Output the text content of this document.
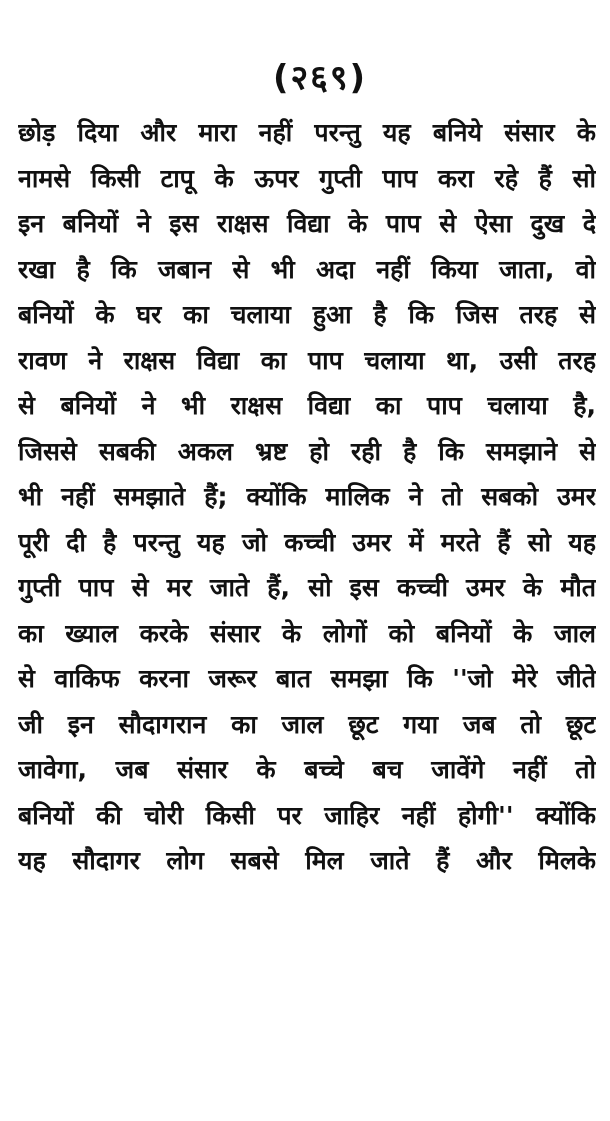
(२६९)
छोड़ दिया और मारा नहीं परन्तु यह बनिये संसार के
नामसे किसी टापू के ऊपर गुप्ती पाप करा रहे हैं सो
इन बनियों ने इस राक्षस विद्या के पाप से ऐसा दुख दे
रखा है कि जबान से भी अदा नहीं किया जाता, वो
बनियों के घर का चलाया हुआ है कि जिस तरह से
रावण ने राक्षस विद्या का पाप चलाया था, उसी तरह
से बनियों ने भी राक्षस विद्या का पाप चलाया है,
जिससे सबकी अकल भ्रष्ट हो रही है कि समझाने से
भी नहीं समझाते हैं; क्योंकि मालिक ने तो सबको उमर
पूरी दी है परन्तु यह जो कच्ची उमर में मरते हैं सो यह
गुप्ती पाप से मर जाते हैं, सो इस कच्ची उमर के मौत
का ख्याल करके संसार के लोगों को बनियों के जाल
से वाकिफ करना जरूर बात समझा कि ''जो मेरे जीते
जी इन सौदागरान का जाल छूट गया जब तो छूट
जावेगा, जब संसार के बच्चे बच जावेंगे नहीं तो
बनियों की चोरी किसी पर जाहिर नहीं होगी'' क्योंकि
यह सौदागर लोग सबसे मिल जाते हैं और मिलके
